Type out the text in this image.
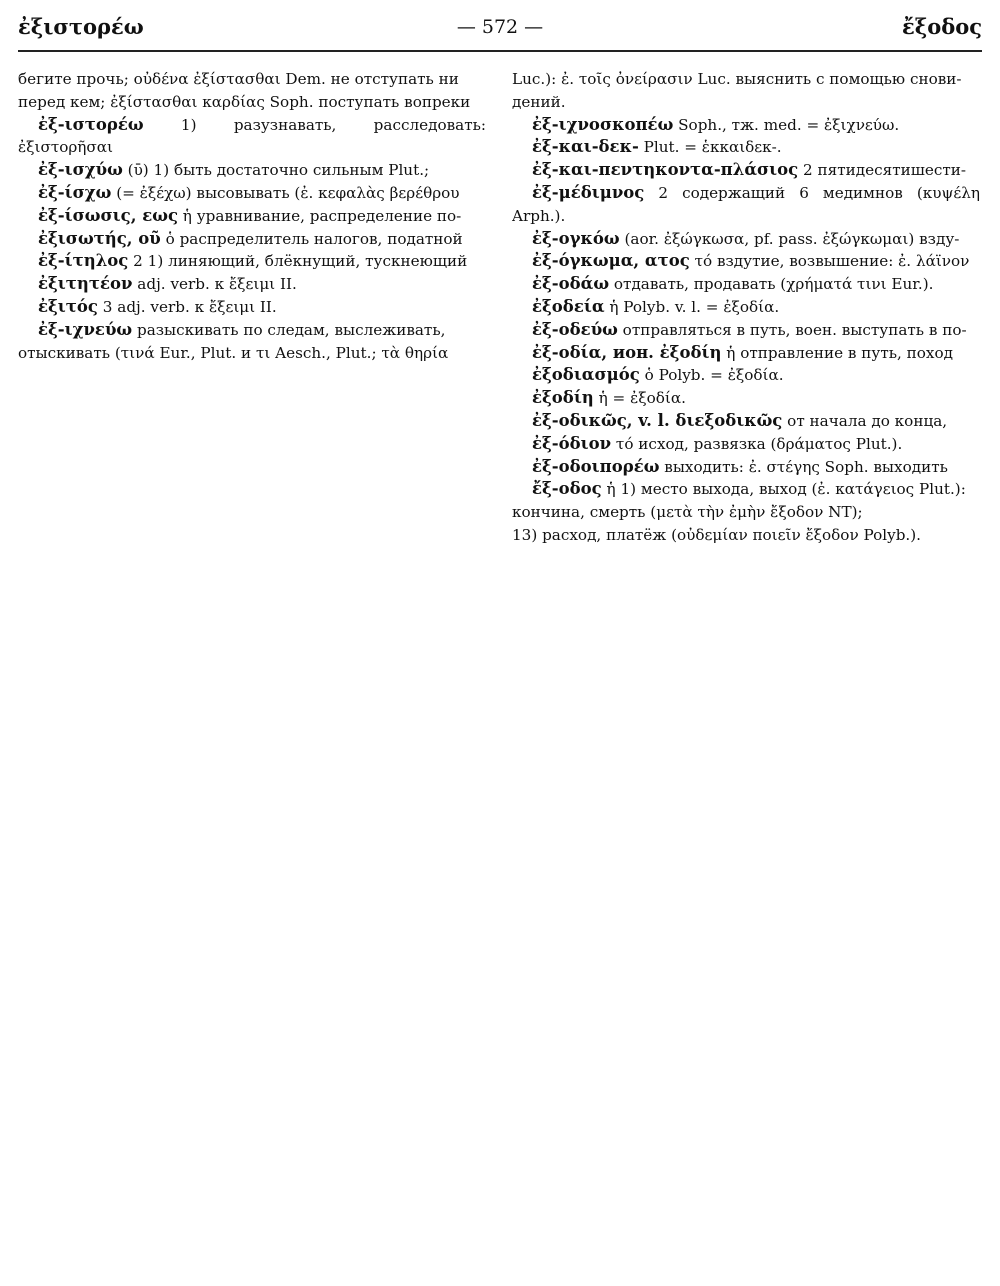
ἐξιστορέω	— 572 —	ἔξοδος

бегите прочь; οὐδένα ἐξίστασθαι Dem. не отступать ни

перед кем; ἐξίστασθαι καρδίας Soph. поступать вопреки

ἐξ-ιστορέω 1) разузнавать, расследовать: ἐξιστορῆσαι

ἐξ-ισχύω (ῡ) 1) быть достаточно сильным Plut.;

ἐξ-ίσχω (= ἐξέχω) высовывать (ἐ. κεφαλὰς βερέθρου

ἐξ-ίσωσις, εως ἡ уравнивание, распределение по-

ἐξισωτής, οῦ ὁ распределитель налогов, податной

ἐξ-ίτηλος 2 1) линяющий, блёкнущий, тускнеющий

ἐξιτητέον adj. verb. к ἔξειμι II.

ἐξιτός 3 adj. verb. к ἔξειμι II.

ἐξ-ιχνεύω разыскивать по следам, выслеживать,

отыскивать (τινά Eur., Plut. и τι Aesch., Plut.; τὰ θηρία

Luc.): ἐ. τοῖς ὀνείρασιν Luc. выяснить с помощью снови-

дений.

ἐξ-ιχνοσκοπέω Soph., тж. med. = ἐξιχνεύω.

ἐξ-και-δεκ- Plut. = ἑκκαιδεκ-.

ἐξ-και-πεντηκοντα-πλάσιος 2 пятидесятишести-

ἐξ-μέδιμνος 2 содержащий 6 медимнов (κυψέλη Arph.).

ἐξ-ογκόω (aor. ἐξώγκωσα, pf. pass. ἐξώγκωμαι) взду-

ἐξ-όγκωμα, ατος τό вздутие, возвышение: ἐ. λάϊνον

ἐξ-οδάω отдавать, продавать (χρήματά τινι Eur.).

ἐξοδεία ἡ Polyb. v. l. = ἐξοδία.

ἐξ-οδεύω отправляться в путь, воен. выступать в по-

ἐξ-οδία, ион. ἐξοδίη ἡ отправление в путь, поход

ἐξοδιασμός ὁ Polyb. = ἐξοδία.

ἐξοδίη ἡ = ἐξοδία.

ἐξ-οδικῶς, v. l. διεξοδικῶς от начала до конца,

ἐξ-όδιον τό исход, развязка (δράματος Plut.).

ἐξ-οδοιπορέω выходить: ἐ. στέγης Soph. выходить

ἔξ-οδος ἡ 1) место выхода, выход (ἐ. κατάγειος Plut.):

кончина, смерть (μετὰ τὴν ἐμὴν ἔξοδον NT);

13) расход, платёж (οὐδεμίαν ποιεῖν ἔξοδον Polyb.).
